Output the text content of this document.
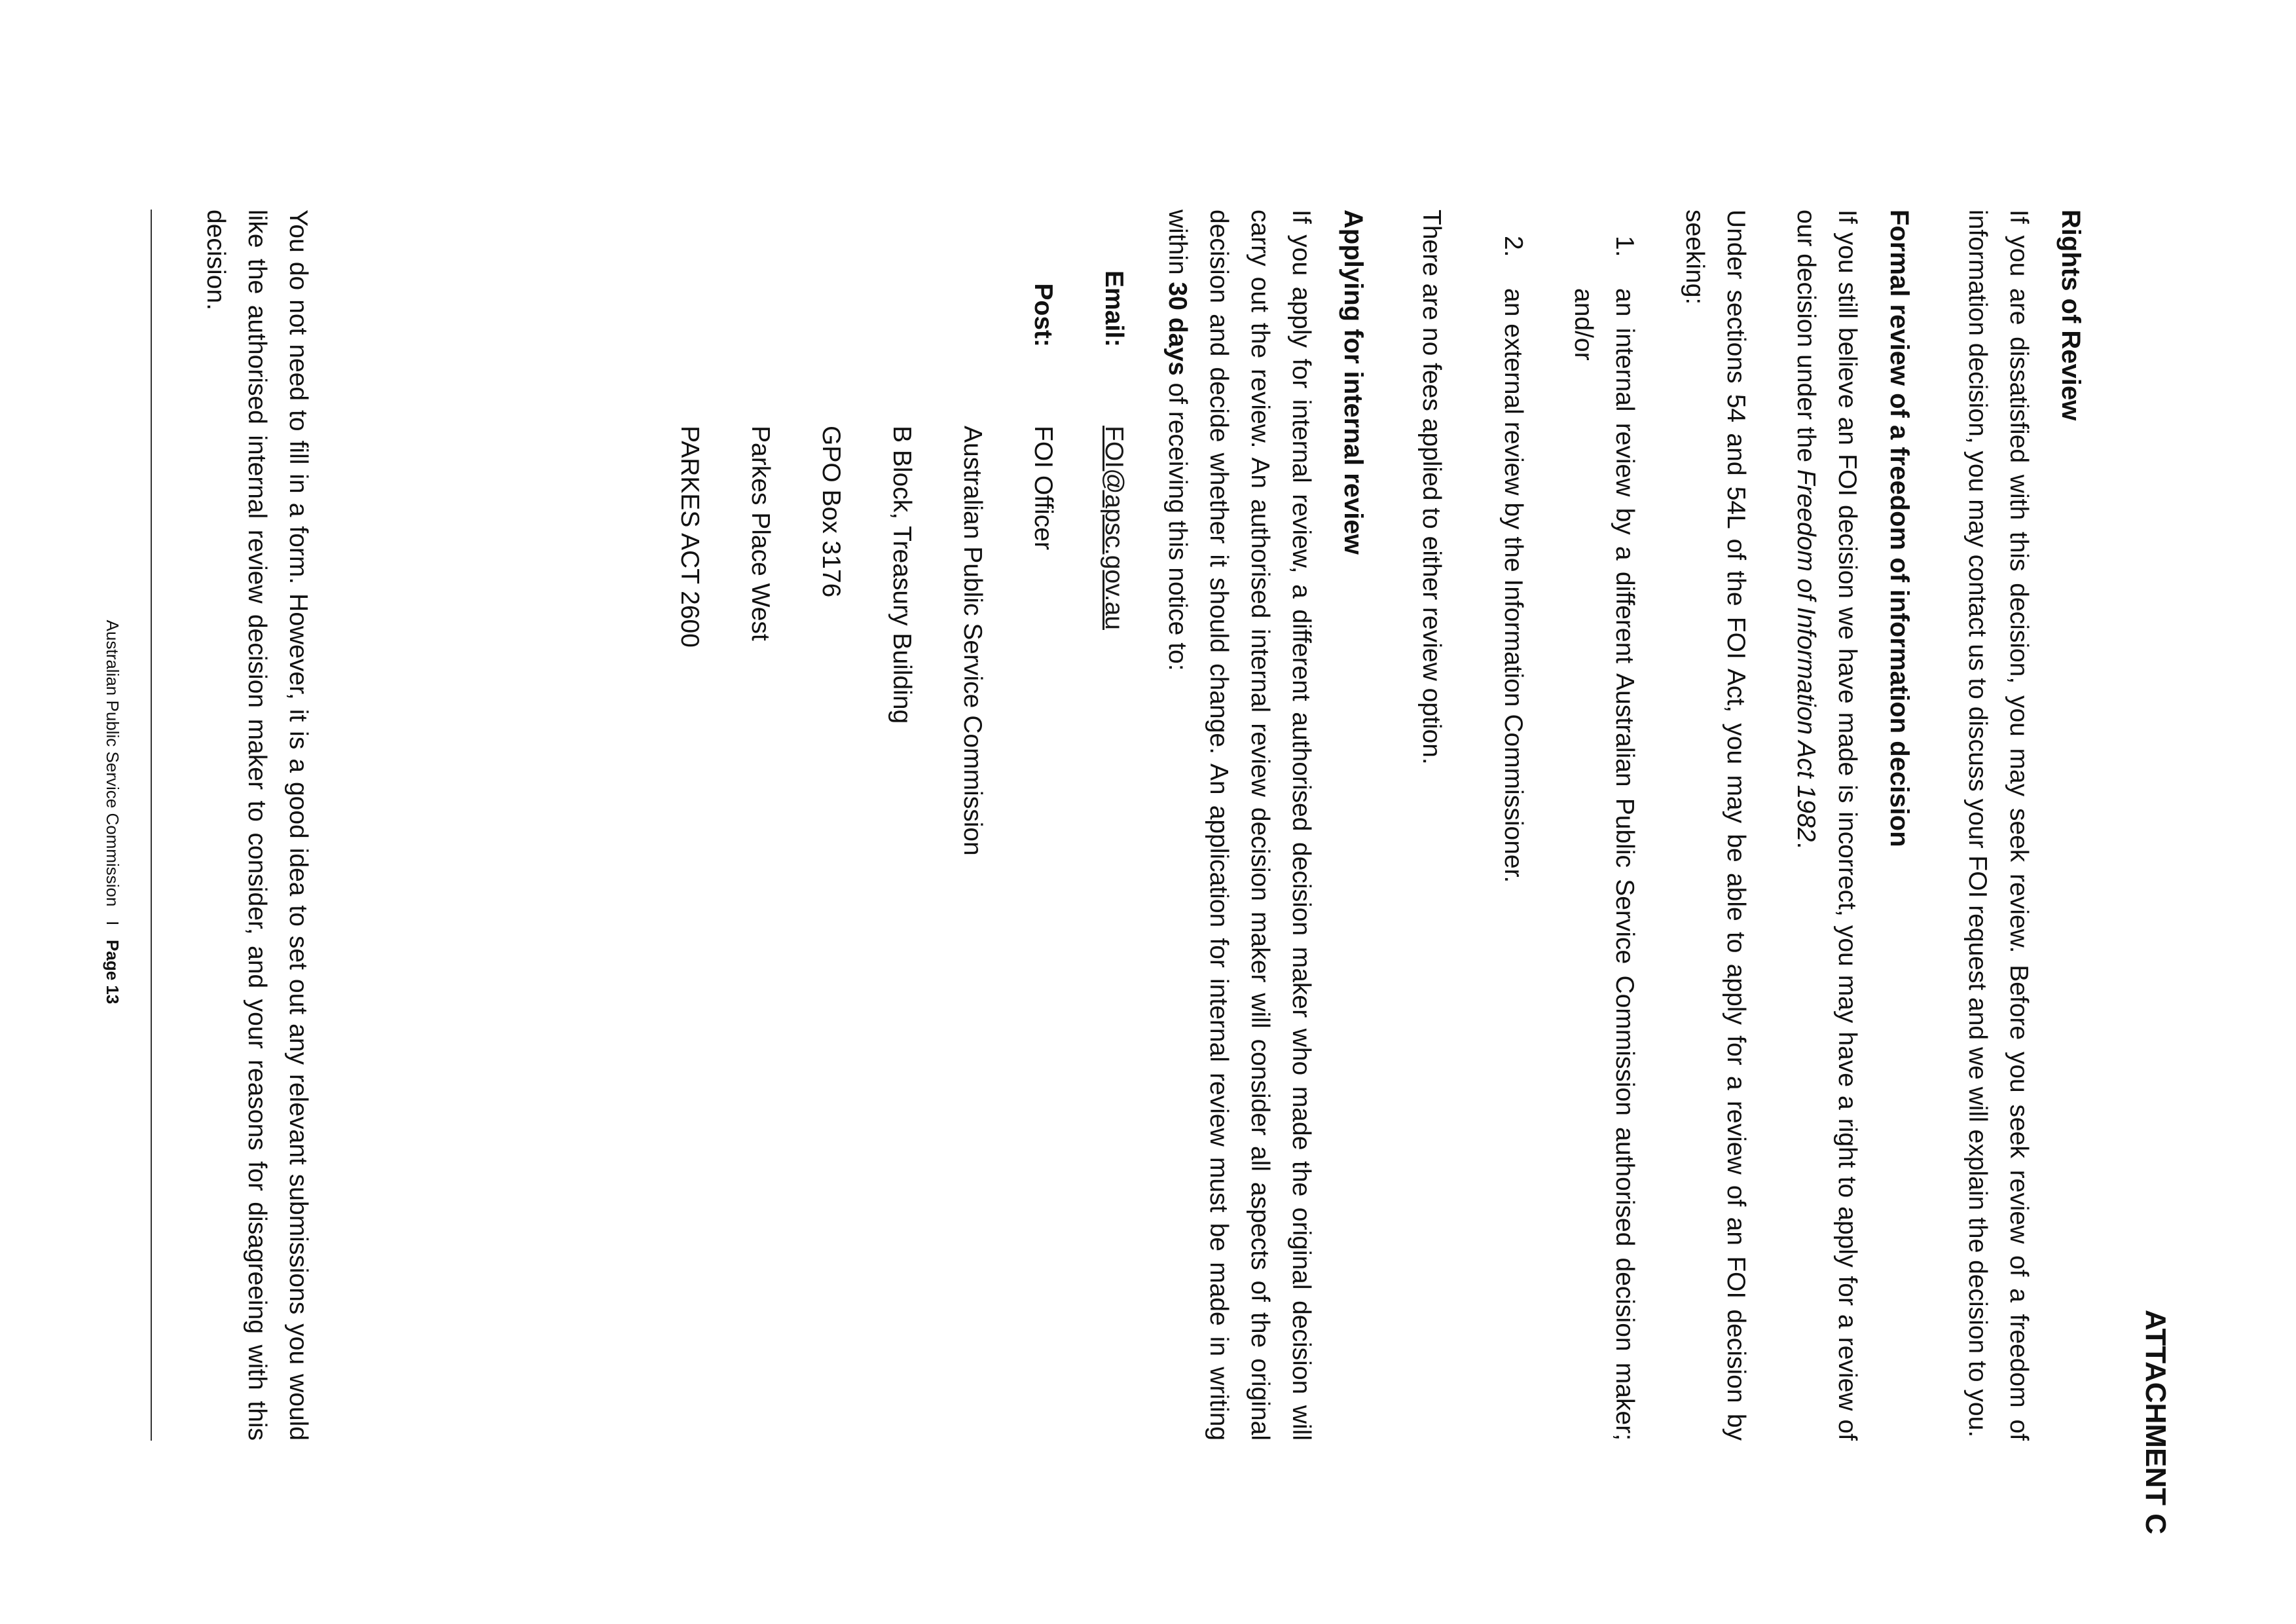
ATTACHMENT C
Rights of Review

If you are dissatisfied with this decision, you may seek review. Before you seek review of a freedom of information decision, you may contact us to discuss your FOI request and we will explain the decision to you.

Formal review of a freedom of information decision

If you still believe an FOI decision we have made is incorrect, you may have a right to apply for a review of our decision under the Freedom of Information Act 1982.

Under sections 54 and 54L of the FOI Act, you may be able to apply for a review of an FOI decision by seeking:

1.
an internal review by a different Australian Public Service Commission authorised decision maker; and/or
2.
an external review by the Information Commissioner.

There are no fees applied to either review option.

Applying for internal review

If you apply for internal review, a different authorised decision maker who made the original decision will carry out the review. An authorised internal review decision maker will consider all aspects of the original decision and decide whether it should change. An application for internal review must be made in writing within 30 days of receiving this notice to:

Email:
FOI@apsc.gov.au
Post:
FOI Officer
Australian Public Service Commission
B Block, Treasury Building
GPO Box 3176
Parkes Place West
PARKES ACT 2600

You do not need to fill in a form. However, it is a good idea to set out any relevant submissions you would like the authorised internal review decision maker to consider, and your reasons for disagreeing with this decision.

Australian Public Service Commission   I   Page 13
